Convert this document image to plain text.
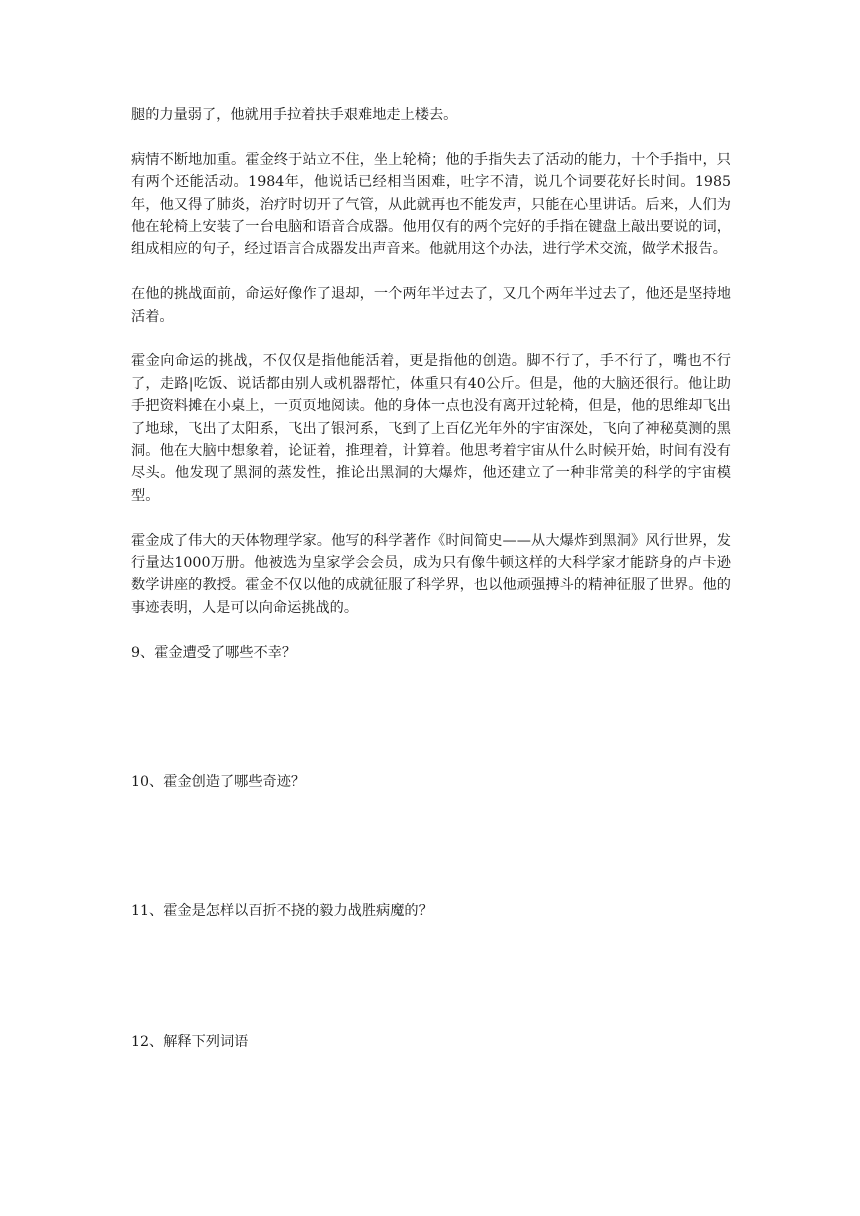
腿的力量弱了，他就用手拉着扶手艰难地走上楼去。

病情不断地加重。霍金终于站立不住，坐上轮椅；他的手指失去了活动的能力，十个手指中，只有两个还能活动。1984年，他说话已经相当困难，吐字不清，说几个词要花好长时间。1985年，他又得了肺炎，治疗时切开了气管，从此就再也不能发声，只能在心里讲话。后来，人们为他在轮椅上安装了一台电脑和语音合成器。他用仅有的两个完好的手指在键盘上敲出要说的词，组成相应的句子，经过语言合成器发出声音来。他就用这个办法，进行学术交流，做学术报告。

在他的挑战面前，命运好像作了退却，一个两年半过去了，又几个两年半过去了，他还是坚持地活着。

霍金向命运的挑战，不仅仅是指他能活着，更是指他的创造。脚不行了，手不行了，嘴也不行了，走路|吃饭、说话都由别人或机器帮忙，体重只有40公斤。但是，他的大脑还很行。他让助手把资料摊在小桌上，一页页地阅读。他的身体一点也没有离开过轮椅，但是，他的思维却飞出了地球，飞出了太阳系，飞出了银河系，飞到了上百亿光年外的宇宙深处，飞向了神秘莫测的黑洞。他在大脑中想象着，论证着，推理着，计算着。他思考着宇宙从什么时候开始，时间有没有尽头。他发现了黑洞的蒸发性，推论出黑洞的大爆炸，他还建立了一种非常美的科学的宇宙模型。

霍金成了伟大的天体物理学家。他写的科学著作《时间简史——从大爆炸到黑洞》风行世界，发行量达1000万册。他被选为皇家学会会员，成为只有像牛顿这样的大科学家才能跻身的卢卡逊数学讲座的教授。霍金不仅以他的成就征服了科学界，也以他顽强搏斗的精神征服了世界。他的事迹表明，人是可以向命运挑战的。

9、霍金遭受了哪些不幸？

10、霍金创造了哪些奇迹？

11、霍金是怎样以百折不挠的毅力战胜病魔的？

12、解释下列词语
